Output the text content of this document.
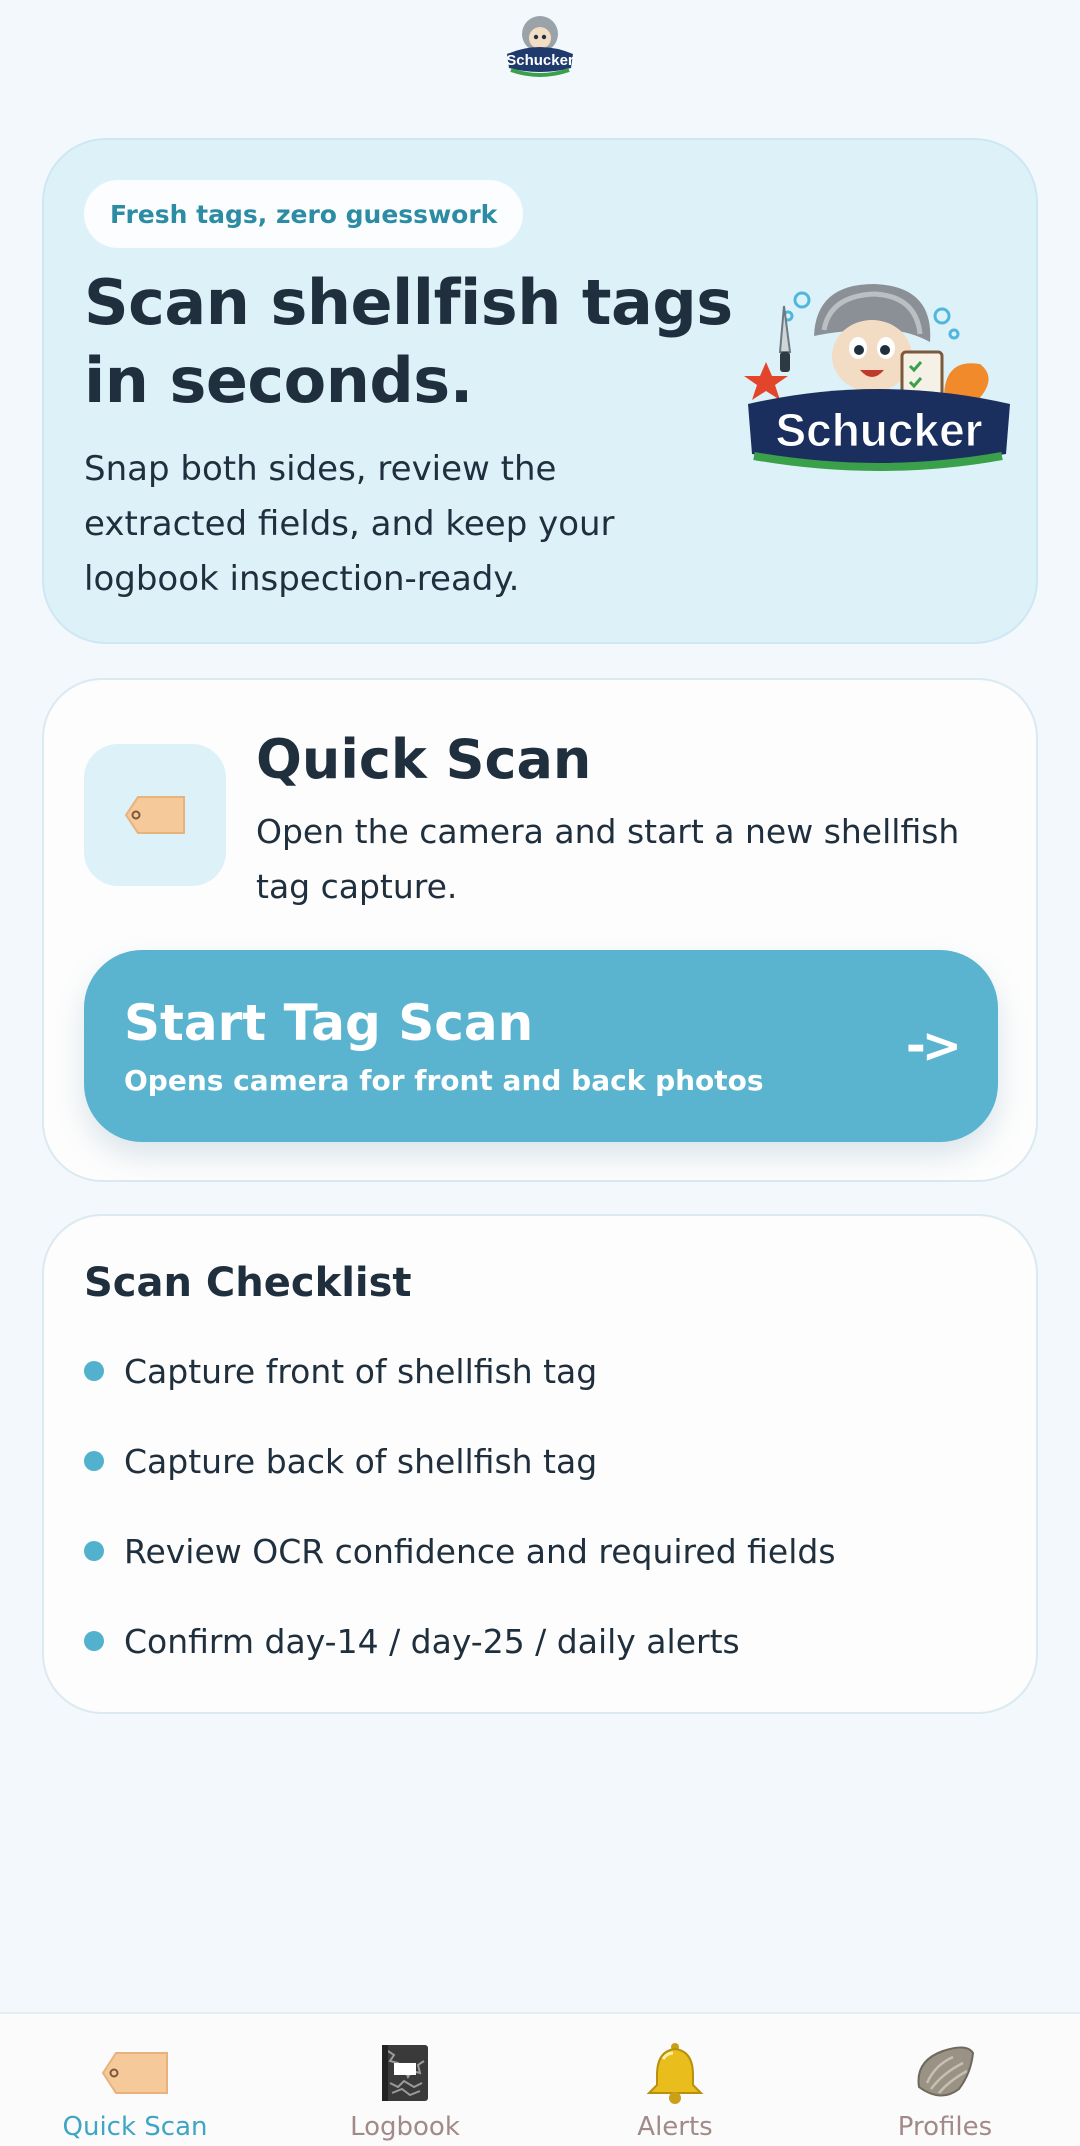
Schucker
Fresh tags, zero guesswork
Scan shellfish tags in seconds.
Snap both sides, review the extracted fields, and keep your logbook inspection-ready.
Schucker
Quick Scan
Open the camera and start a new shellfish tag capture.
Start Tag Scan
Opens camera for front and back photos
->
Scan Checklist
Capture front of shellfish tag
Capture back of shellfish tag
Review OCR confidence and required fields
Confirm day-14 / day-25 / daily alerts
Quick Scan	Logbook	Alerts	Profiles
